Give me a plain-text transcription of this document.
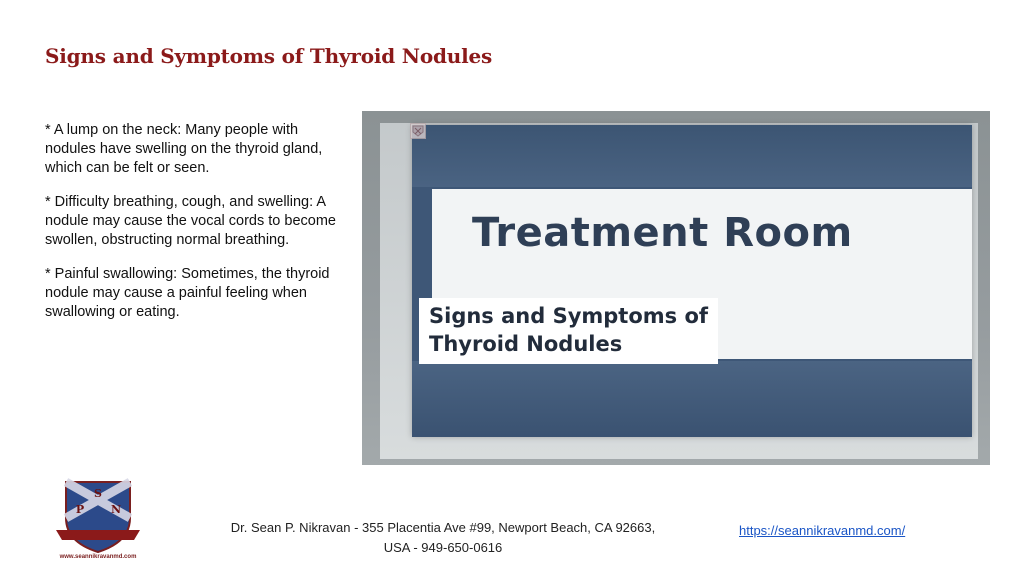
Signs and Symptoms of Thyroid Nodules

* A lump on the neck: Many people with nodules have swelling on the thyroid gland, which can be felt or seen.

* Difficulty breathing, cough, and swelling: A nodule may cause the vocal cords to become swollen, obstructing normal breathing.

* Painful swallowing: Sometimes, the thyroid nodule may cause a painful feeling when swallowing or eating.

Treatment Room
Signs and Symptoms of
Thyroid Nodules
S
P N
www.seannikravanmd.com
Dr. Sean P. Nikravan - 355 Placentia Ave #99, Newport Beach, CA 92663,
USA - 949-650-0616
https://seannikravanmd.com/
